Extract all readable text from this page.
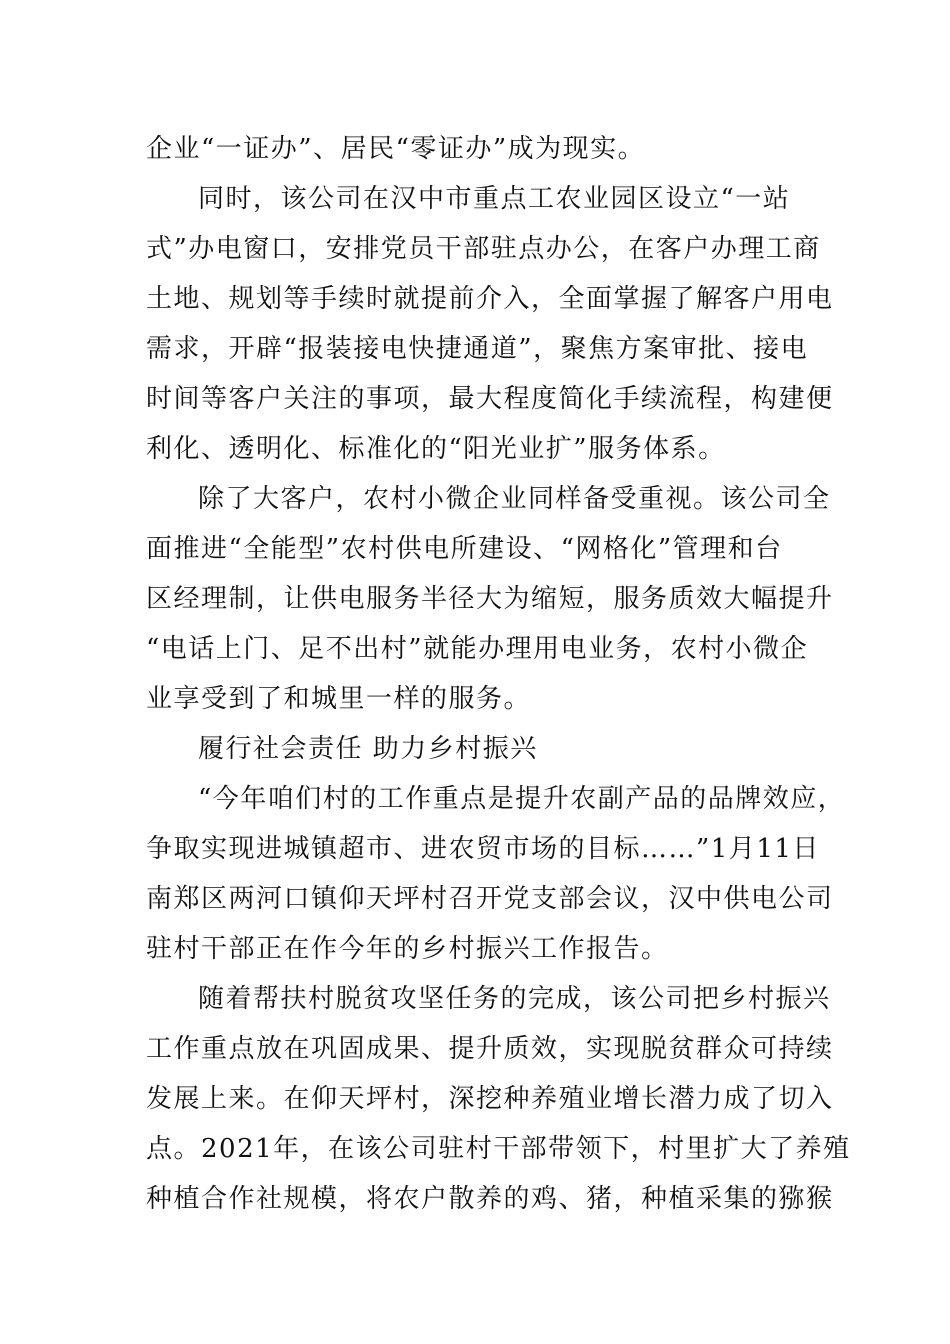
企业“一证办”、居民“零证办”成为现实。
同时，该公司在汉中市重点工农业园区设立“一站
式”办电窗口，安排党员干部驻点办公，在客户办理工商
土地、规划等手续时就提前介入，全面掌握了解客户用电
需求，开辟“报装接电快捷通道”，聚焦方案审批、接电
时间等客户关注的事项，最大程度简化手续流程，构建便
利化、透明化、标准化的“阳光业扩”服务体系。
除了大客户，农村小微企业同样备受重视。该公司全
面推进“全能型”农村供电所建设、“网格化”管理和台
区经理制，让供电服务半径大为缩短，服务质效大幅提升
“电话上门、足不出村”就能办理用电业务，农村小微企
业享受到了和城里一样的服务。
履行社会责任 助力乡村振兴
“今年咱们村的工作重点是提升农副产品的品牌效应，
争取实现进城镇超市、进农贸市场的目标……”1月11日
南郑区两河口镇仰天坪村召开党支部会议，汉中供电公司
驻村干部正在作今年的乡村振兴工作报告。
随着帮扶村脱贫攻坚任务的完成，该公司把乡村振兴
工作重点放在巩固成果、提升质效，实现脱贫群众可持续
发展上来。在仰天坪村，深挖种养殖业增长潜力成了切入
点。2021年，在该公司驻村干部带领下，村里扩大了养殖
种植合作社规模，将农户散养的鸡、猪，种植采集的猕猴
